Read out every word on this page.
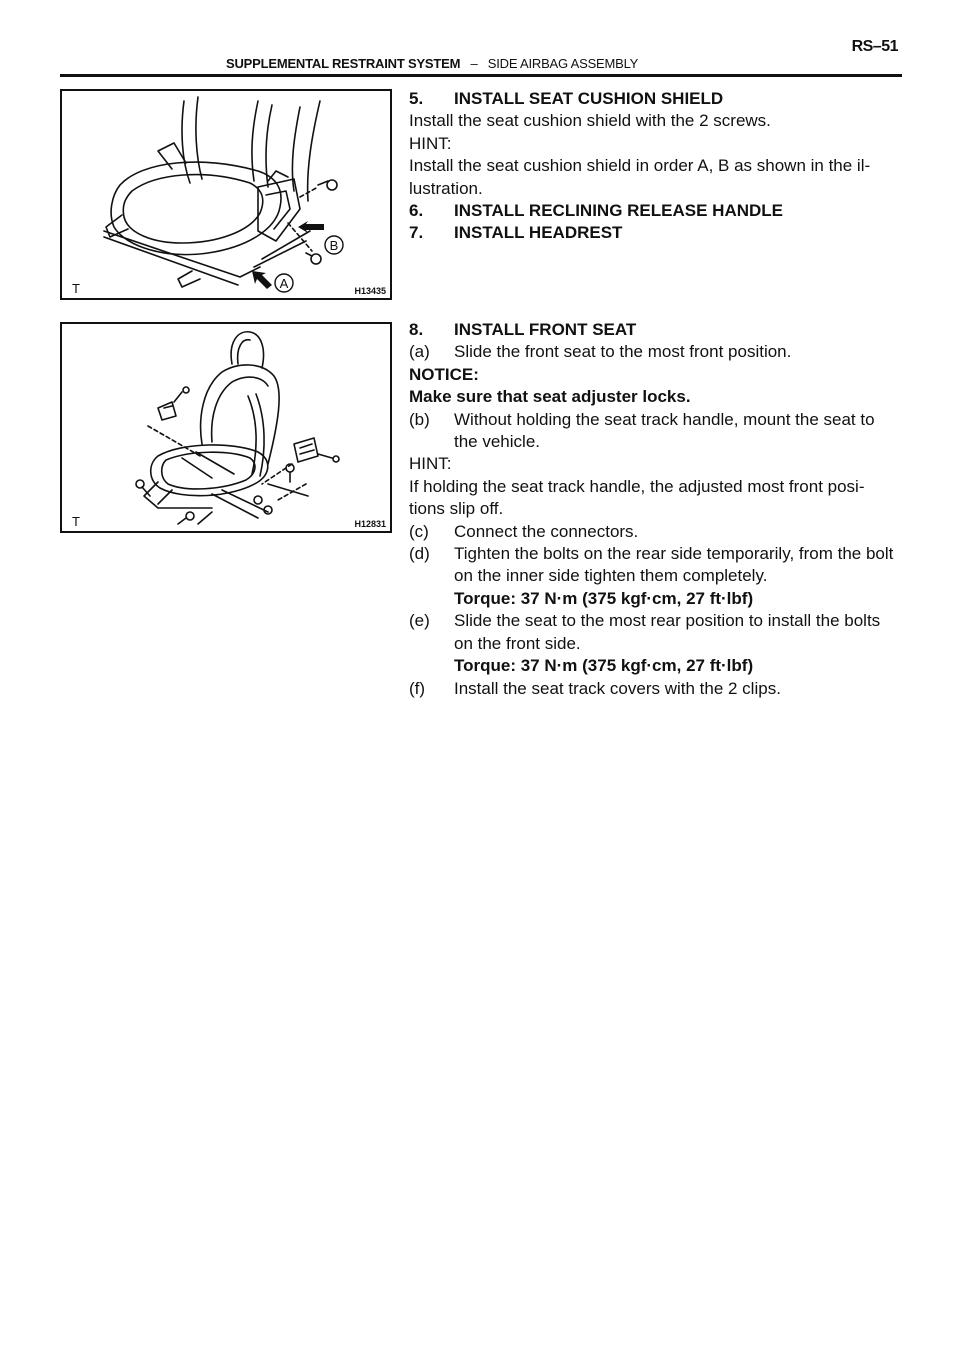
RS–51
SUPPLEMENTAL RESTRAINT SYSTEM – SIDE AIRBAG ASSEMBLY
B
A
T	H13435
T	H12831

5.	INSTALL SEAT CUSHION SHIELD

Install the seat cushion shield with the 2 screws.

HINT:

Install the seat cushion shield in order A, B as shown in the il-

lustration.

6.	INSTALL RECLINING RELEASE HANDLE

7.	INSTALL HEADREST

8.	INSTALL FRONT SEAT

(a)	Slide the front seat to the most front position.

NOTICE:

Make sure that seat adjuster locks.

(b)	Without holding the seat track handle, mount the seat to

the vehicle.

HINT:

If holding the seat track handle, the adjusted most front posi-

tions slip off.

(c)	Connect the connectors.

(d)	Tighten the bolts on the rear side temporarily, from the bolt

on the inner side tighten them completely.

Torque: 37 N·m (375 kgf·cm, 27 ft·lbf)

(e)	Slide the seat to the most rear position to install the bolts

on the front side.

Torque: 37 N·m (375 kgf·cm, 27 ft·lbf)

(f)	Install the seat track covers with the 2 clips.
